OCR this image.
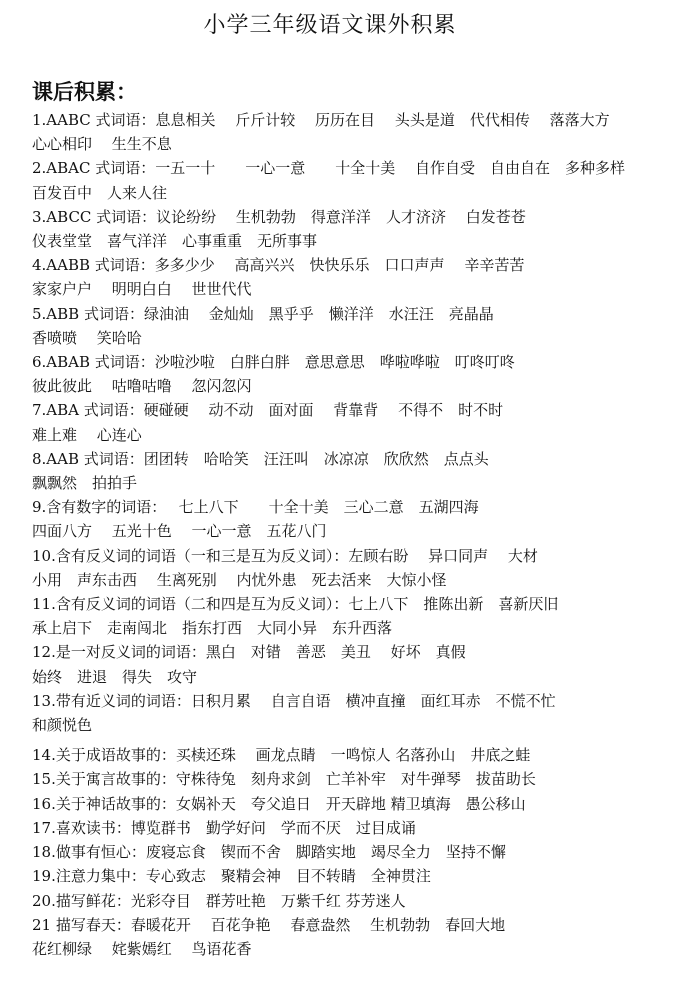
小学三年级语文课外积累
课后积累：
1.AABC 式词语：息息相关　 斤斤计较　 历历在目　 头头是道　代代相传　 落落大方
心心相印　 生生不息
2.ABAC 式词语：一五一十　　一心一意　　十全十美　 自作自受　自由自在　多种多样
百发百中　人来人往
3.ABCC 式词语：议论纷纷　 生机勃勃　得意洋洋　人才济济　 白发苍苍
仪表堂堂　喜气洋洋　心事重重　无所事事
4.AABB 式词语：多多少少　 高高兴兴　快快乐乐　口口声声　 辛辛苦苦
家家户户　 明明白白　 世世代代
5.ABB 式词语：绿油油　 金灿灿　黑乎乎　懒洋洋　水汪汪　亮晶晶
香喷喷　 笑哈哈
6.ABAB 式词语：沙啦沙啦　白胖白胖　意思意思　哗啦哗啦　叮咚叮咚
彼此彼此　 咕噜咕噜　 忽闪忽闪
7.ABA 式词语：硬碰硬　 动不动　面对面　 背靠背　 不得不　时不时
难上难　 心连心
8.AAB 式词语：团团转　哈哈笑　汪汪叫　冰凉凉　欣欣然　点点头
飘飘然　拍拍手
9.含有数字的词语：　 七上八下　　十全十美　三心二意　五湖四海
四面八方　 五光十色　 一心一意　五花八门
10.含有反义词的词语（一和三是互为反义词）：左顾右盼　 异口同声　 大材
小用　声东击西　 生离死别　 内忧外患　死去活来　大惊小怪
11.含有反义词的词语（二和四是互为反义词）：七上八下　推陈出新　喜新厌旧
承上启下　走南闯北　指东打西　大同小异　东升西落
12.是一对反义词的词语：黑白　对错　善恶　美丑　 好坏　真假
始终　进退　得失　攻守
13.带有近义词的词语：日积月累　 自言自语　横冲直撞　面红耳赤　不慌不忙
和颜悦色
14.关于成语故事的：买椟还珠　 画龙点睛　一鸣惊人 名落孙山　井底之蛙
15.关于寓言故事的：守株待兔　刻舟求剑　亡羊补牢　对牛弹琴　拔苗助长
16.关于神话故事的：女娲补天　夸父追日　开天辟地 精卫填海　愚公移山
17.喜欢读书：博览群书　勤学好问　学而不厌　过目成诵
18.做事有恒心：废寝忘食　锲而不舍　脚踏实地　竭尽全力　坚持不懈
19.注意力集中：专心致志　聚精会神　目不转睛　全神贯注
20.描写鲜花：光彩夺目　群芳吐艳　万紫千红 芬芳迷人
21 描写春天：春暖花开　 百花争艳　 春意盎然　 生机勃勃　春回大地
花红柳绿　 姹紫嫣红　 鸟语花香
